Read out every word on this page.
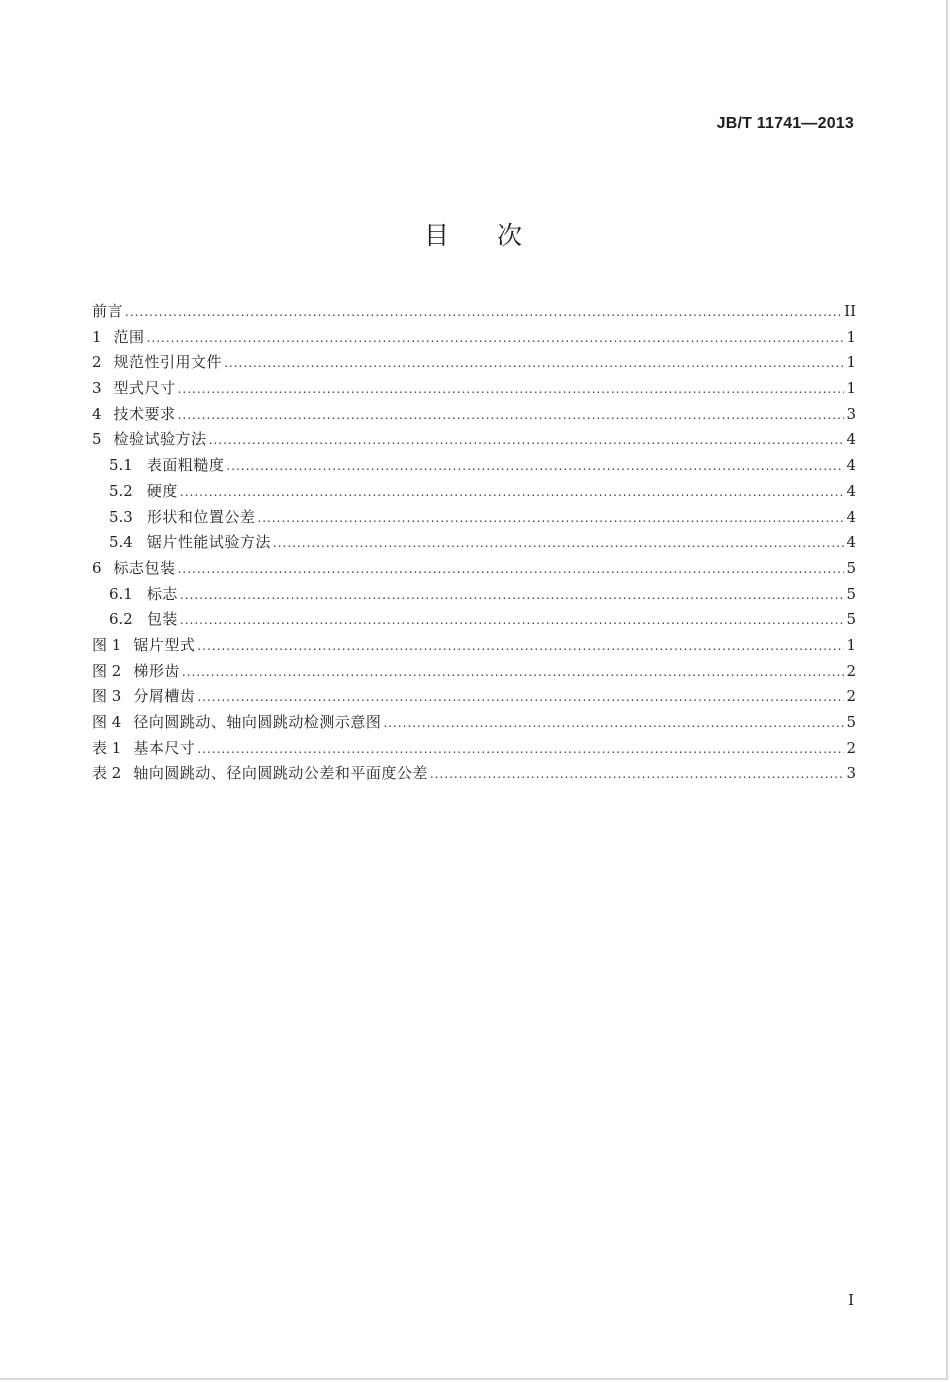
JB/T 11741—2013
目次
前言 .....	II
1 范围 .....	1
2 规范性引用文件 .....	1
3 型式尺寸 .....	1
4 技术要求 .....	3
5 检验试验方法 .....	4
5.1 表面粗糙度 .....	4
5.2 硬度 .....	4
5.3 形状和位置公差 .....	4
5.4 锯片性能试验方法 .....	4
6 标志包装 .....	5
6.1 标志 .....	5
6.2 包装 .....	5
图 1 锯片型式 .....	1
图 2 梯形齿 .....	2
图 3 分屑槽齿 .....	2
图 4 径向圆跳动、轴向圆跳动检测示意图 .....	5
表 1 基本尺寸 .....	2
表 2 轴向圆跳动、径向圆跳动公差和平面度公差 .....	3
I
